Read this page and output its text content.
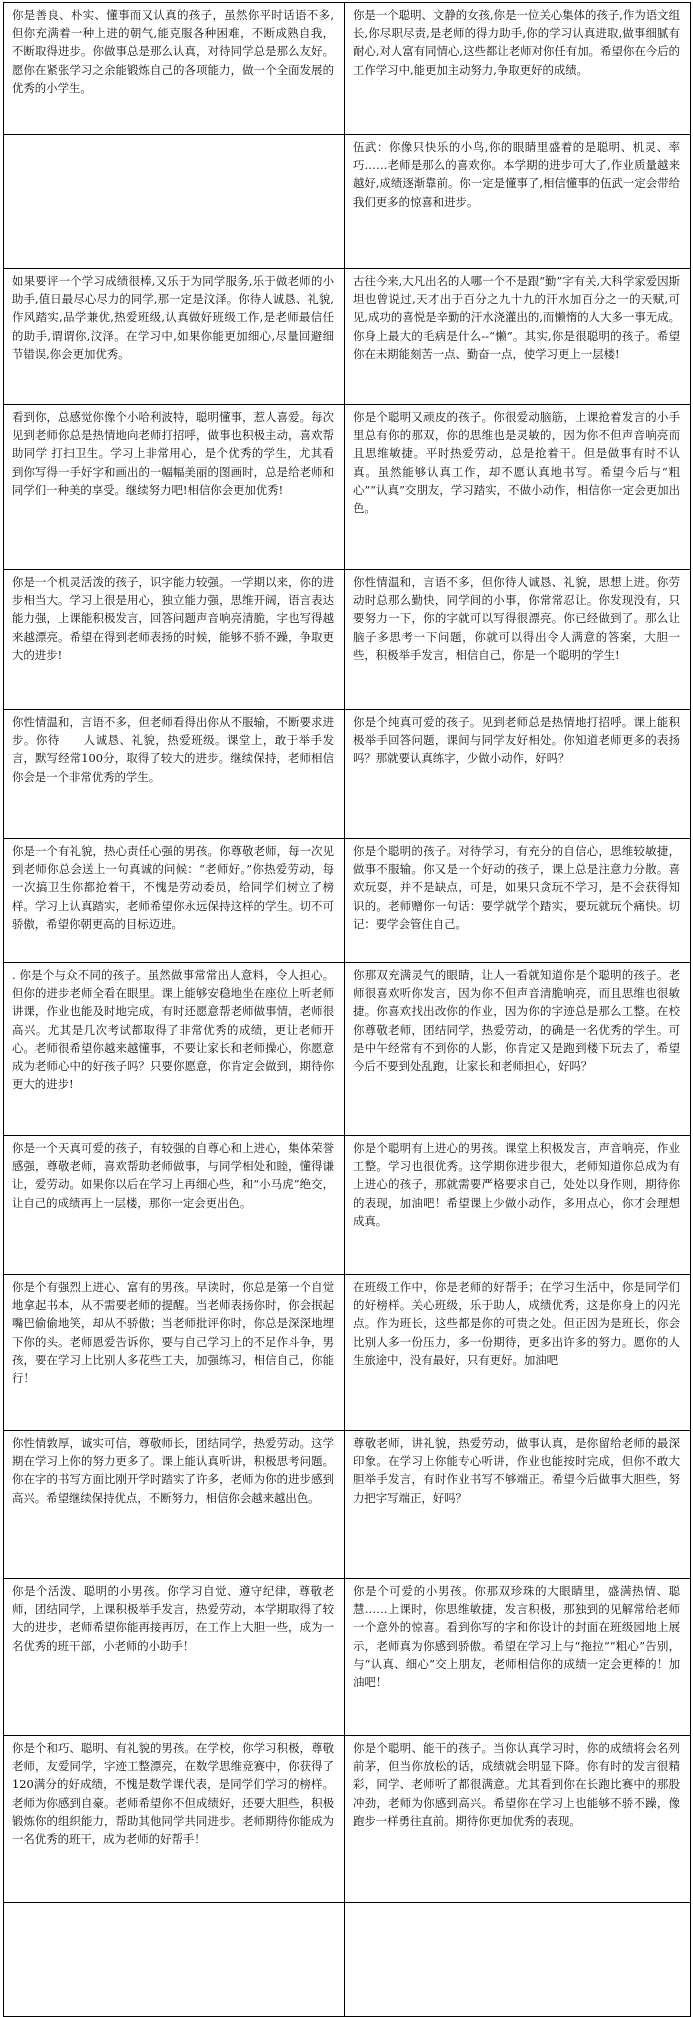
你是善良、朴实、懂事而又认真的孩子，虽然你平时话语不多,但你充满着一种上进的朝气,能克服各种困难，不断成熟自我，不断取得进步。你做事总是那么认真，对待同学总是那么友好。愿你在紧张学习之余能锻炼自己的各项能力，做一个全面发展的优秀的小学生。	你是一个聪明、文静的女孩,你是一位关心集体的孩子,作为语文组长,你尽职尽责,是老师的得力助手,你的学习认真进取,做事细腻有耐心,对人富有同情心,这些都让老师对你任有加。希望你在今后的工作学习中,能更加主动努力,争取更好的成绩。

	伍武：你像只快乐的小鸟,你的眼睛里盛着的是聪明、机灵、率巧……老师是那么的喜欢你。本学期的进步可大了,作业质量越来越好,成绩逐渐靠前。你一定是懂事了,相信懂事的伍武一定会带给我们更多的惊喜和进步。

如果要评一个学习成绩很棒,又乐于为同学服务,乐于做老师的小助手,值日最尽心尽力的同学,那一定是汶泽。你待人诚恳、礼貌,作风踏实,品学兼优,热爱班级,认真做好班级工作,是老师最信任的助手,谓谓你,汶泽。在学习中,如果你能更加细心,尽量回避细节错误,你会更加优秀。	古往今来,大凡出名的人哪一个不是跟“勤”字有关,大科学家爱因斯坦也曾说过,天才出于百分之九十九的汗水加百分之一的天赋,可见,成功的喜悦是辛勤的汗水浇灌出的,而懒惰的人大多一事无成。你身上最大的毛病是什么--“懒”。其实,你是很聪明的孩子。希望你在未期能刻苦一点、勤奋一点，使学习更上一层楼!

看到你，总感觉你像个小哈利波特，聪明懂事，惹人喜爱。每次见到老师你总是热情地向老师打招呼，做事也积极主动，喜欢帮助同学 打扫卫生。学习上非常用心，是个优秀的学生，尤其看到你写得一手好字和画出的一幅幅美丽的图画时，总是给老师和同学们一种美的享受。继续努力吧!相信你会更加优秀!	你是个聪明又顽皮的孩子。你很爱动脑筋，上课抢着发言的小手里总有你的那双，你的思维也是灵敏的，因为你不但声音响亮而且思维敏捷。平时热爱劳动，总是抢着干。但是做事有时不认真。虽然能够认真工作，却不愿认真地书写。希望今后与“粗心”“认真”交朋友，学习踏实，不做小动作，相信你一定会更加出色。

你是一个机灵活泼的孩子，识字能力较强。一学期以来，你的进步相当大。学习上很是用心，独立能力强，思维开阔，语言表达能力强，上课能积极发言，回答问题声音响亮清脆，字也写得越来越漂亮。希望在得到老师表扬的时候，能够不骄不躁，争取更大的进步!	你性情温和，言语不多，但你待人诚恳、礼貌，思想上进。你劳动时总那么勤快，同学间的小事，你常常忍让。你发现没有，只要努力一下，你的字就可以写得很漂亮。你已经做到了。那么让脑子多思考一下问题，你就可以得出令人满意的答案，大胆一些，积极举手发言，相信自己，你是一个聪明的学生!

你性情温和，言语不多，但老师看得出你从不服输，不断要求进步。你待　　人诚恳、礼貌，热爱班级。课堂上，敢于举手发言，默写经常100分，取得了较大的进步。继续保持，老师相信你会是一个非常优秀的学生。	你是个纯真可爱的孩子。见到老师总是热情地打招呼。课上能积极举手回答问题，课间与同学友好相处。你知道老师更多的表扬吗？那就要认真练字，少做小动作，好吗？

你是一个有礼貌，热心责任心强的男孩。你尊敬老师，每一次见到老师你总会送上一句真诚的问候：“老师好。”你热爱劳动，每一次搞卫生你都抢着干，不愧是劳动委员，给同学们树立了榜样。学习上认真踏实，老师希望你永远保持这样的学生。切不可骄傲，希望你朝更高的目标迈进。	你是个聪明的孩子。对待学习，有充分的自信心，思维较敏捷，做事不服输。你又是一个好动的孩子，课上总是注意力分散。喜欢玩耍，并不是缺点，可是，如果只贪玩不学习，是不会获得知识的。老师赠你一句话：要学就学个踏实，要玩就玩个痛快。切记：要学会管住自己。

. 你是个与众不同的孩子。虽然做事常常出人意料，令人担心。但你的进步老师全看在眼里。课上能够安稳地坐在座位上听老师讲课，作业也能及时地完成，有时还愿意帮老师做事情，老师很高兴。尤其是几次考试都取得了非常优秀的成绩，更让老师开心。老师很希望你越来越懂事，不要让家长和老师操心，你愿意成为老师心中的好孩子吗？只要你愿意，你肯定会做到，期待你更大的进步!	你那双充满灵气的眼睛，让人一看就知道你是个聪明的孩子。老师很喜欢听你发言，因为你不但声音清脆响亮，而且思维也很敏捷。你喜欢找出改你的作业，因为你的字迹总是那么工整。在校你尊敬老师，团结同学，热爱劳动，的确是一名优秀的学生。可是中午经常有不到你的人影，你肯定又是跑到楼下玩去了，希望今后不要到处乱跑，让家长和老师担心，好吗？

你是一个天真可爱的孩子，有较强的自尊心和上进心，集体荣誉感强，尊敬老师，喜欢帮助老师做事，与同学相处和睦，懂得谦让，爱劳动。如果你以后在学习上再细心些，和“小马虎”绝交，让自己的成绩再上一层楼，那你一定会更出色。	你是个聪明有上进心的男孩。课堂上积极发言，声音响亮，作业工整。学习也很优秀。这学期你进步很大，老师知道你总成为有上进心的孩子，那就需要严格要求自己，处处以身作则，期待你的表现，加油吧！希望课上少做小动作，多用点心，你才会理想成真。

你是个有强烈上进心、富有的男孩。早读时，你总是第一个自觉地拿起书本，从不需要老师的提醒。当老师表扬你时，你会抿起嘴巴偷偷地笑，却从不骄傲；当老师批评你时，你总是深深地埋下你的头。老师恩爱告诉你，要与自己学习上的不足作斗争，男孩，要在学习上比别人多花些工夫，加强练习，相信自己，你能行！	在班级工作中，你是老师的好帮手；在学习生活中，你是同学们的好榜样。关心班级，乐于助人，成绩优秀，这是你身上的闪光点。作为班长，这些都是你的可贵之处。但正因为是班长，你会比别人多一份压力，多一份期待，更多出许多的努力。愿你的人生旅途中，没有最好，只有更好。加油吧

你性情敦厚，诚实可信，尊敬师长，团结同学，热爱劳动。这学期在学习上你的努力更多了。课上能认真听讲，积极思考问题。你在字的书写方面比刚开学时踏实了许多，老师为你的进步感到高兴。希望继续保持优点，不断努力，相信你会越来越出色。	尊敬老师，讲礼貌，热爱劳动，做事认真，是你留给老师的最深印象。在学习上你能专心听讲，作业也能按时完成，但你不敢大胆举手发言，有时作业书写不够端正。希望今后做事大胆些，努力把字写端正，好吗？

你是个活泼、聪明的小男孩。你学习自觉、遵守纪律，尊敬老师，团结同学，上课积极举手发言，热爱劳动，本学期取得了较大的进步，老师希望你能再接再厉，在工作上大胆一些，成为一名优秀的班干部，小老师的小助手！	你是个可爱的小男孩。你那双珍珠的大眼睛里，盛满热情、聪慧……上课时，你思维敏捷，发言积极，那独到的见解常给老师一个意外的惊喜。看到你写的字和你设计的封面在班级园地上展示，老师真为你感到骄傲。希望在学习上与“拖拉”“粗心”告别，与“认真、细心”交上朋友，老师相信你的成绩一定会更棒的！加油吧！

你是个和巧、聪明、有礼貌的男孩。在学校，你学习积极，尊敬老师，友爱同学，字迹工整漂亮，在数学思维竞赛中，你获得了120满分的好成绩，不愧是数学课代表，是同学们学习的榜样。老师为你感到自豪。老师希望你不但成绩好，还要大胆些，积极锻炼你的组织能力，帮助其他同学共同进步。老师期待你能成为一名优秀的班干，成为老师的好帮手！	你是个聪明、能干的孩子。当你认真学习时，你的成绩将会名列前茅，但当你放松的话，成绩就会明显下降。你有时的发言很精彩，同学、老师听了都很满意。尤其看到你在长跑比赛中的那股冲劲，老师为你感到高兴。希望你在学习上也能够不骄不躁，像跑步一样勇往直前。期待你更加优秀的表现。
